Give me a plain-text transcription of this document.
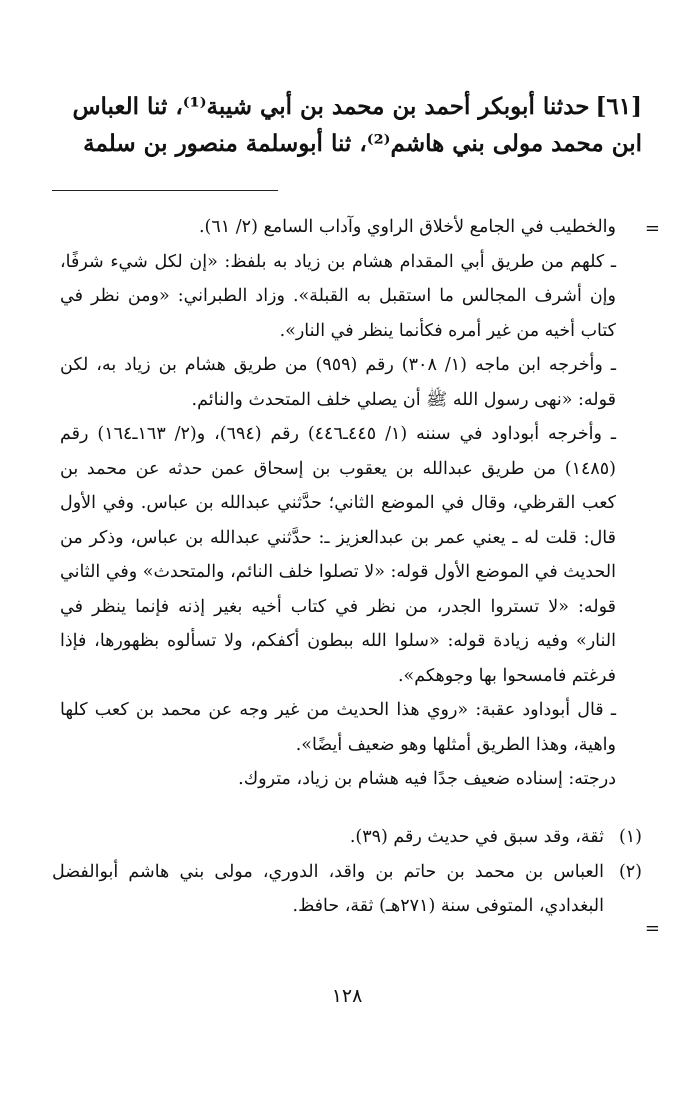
[٦١]حدثنا أبوبكر أحمد بن محمد بن أبي شيبة⁽¹⁾، ثنا العباس

ابن محمد مولى بني هاشم⁽²⁾، ثنا أبوسلمة منصور بن سلمة

=

والخطيب في الجامع لأخلاق الراوي وآداب السامع (٢/ ٦١).

ـ كلهم من طريق أبي المقدام هشام بن زياد به بلفظ: «إن لكل شيء شرفًا، وإن أشرف المجالس ما استقبل به القبلة». وزاد الطبراني: «ومن نظر في كتاب أخيه من غير أمره فكأنما ينظر في النار».

ـ وأخرجه ابن ماجه (١/ ٣٠٨) رقم (٩٥٩) من طريق هشام بن زياد به، لكن قوله: «نهى رسول الله ﷺ أن يصلي خلف المتحدث والنائم.

ـ وأخرجه أبوداود في سننه (١/ ٤٤٥ـ٤٤٦) رقم (٦٩٤)، و(٢/ ١٦٣ـ١٦٤) رقم (١٤٨٥) من طريق عبدالله بن يعقوب بن إسحاق عمن حدثه عن محمد بن كعب القرظي، وقال في الموضع الثاني؛ حدَّثني عبدالله بن عباس. وفي الأول قال: قلت له ـ يعني عمر بن عبدالعزيز ـ: حدَّثني عبدالله بن عباس، وذكر من الحديث في الموضع الأول قوله: «لا تصلوا خلف النائم، والمتحدث» وفي الثاني قوله: «لا تستروا الجدر، من نظر في كتاب أخيه بغير إذنه فإنما ينظر في النار» وفيه زيادة قوله: «سلوا الله ببطون أكفكم، ولا تسألوه بظهورها، فإذا فرغتم فامسحوا بها وجوهكم».

ـ قال أبوداود عقبة: «روي هذا الحديث من غير وجه عن محمد بن كعب كلها واهية، وهذا الطريق أمثلها وهو ضعيف أيضًا».

درجته: إسناده ضعيف جدًا فيه هشام بن زياد، متروك.

(١)
ثقة، وقد سبق في حديث رقم (٣٩).
(٢)
العباس بن محمد بن حاتم بن واقد، الدوري، مولى بني هاشم أبوالفضل البغدادي، المتوفى سنة (٢٧١هـ) ثقة، حافظ.
=
١٢٨
